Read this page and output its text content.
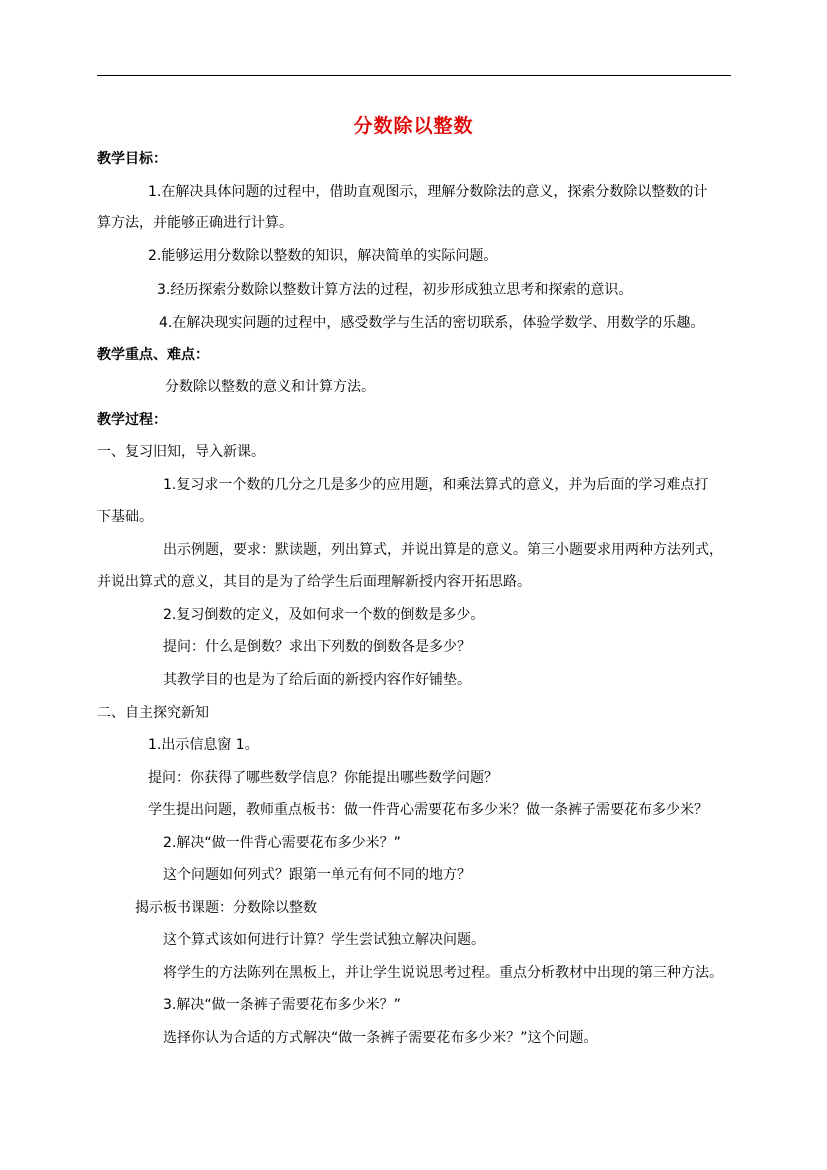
分数除以整数
教学目标：
1.在解决具体问题的过程中，借助直观图示，理解分数除法的意义，探索分数除以整数的计
算方法，并能够正确进行计算。
2.能够运用分数除以整数的知识，解决简单的实际问题。
3.经历探索分数除以整数计算方法的过程，初步形成独立思考和探索的意识。
4.在解决现实问题的过程中，感受数学与生活的密切联系，体验学数学、用数学的乐趣。
教学重点、难点：
分数除以整数的意义和计算方法。
教学过程：
一、复习旧知，导入新课。
1.复习求一个数的几分之几是多少的应用题，和乘法算式的意义，并为后面的学习难点打
下基础。
出示例题，要求：默读题，列出算式，并说出算是的意义。第三小题要求用两种方法列式，
并说出算式的意义，其目的是为了给学生后面理解新授内容开拓思路。
2.复习倒数的定义，及如何求一个数的倒数是多少。
提问：什么是倒数？求出下列数的倒数各是多少？
其教学目的也是为了给后面的新授内容作好铺垫。
二、自主探究新知
1.出示信息窗 1。
提问：你获得了哪些数学信息？你能提出哪些数学问题？
学生提出问题，教师重点板书：做一件背心需要花布多少米？做一条裤子需要花布多少米？
2.解决“做一件背心需要花布多少米？”
这个问题如何列式？跟第一单元有何不同的地方？
揭示板书课题：分数除以整数
这个算式该如何进行计算？学生尝试独立解决问题。
将学生的方法陈列在黑板上，并让学生说说思考过程。重点分析教材中出现的第三种方法。
3.解决“做一条裤子需要花布多少米？”
选择你认为合适的方式解决“做一条裤子需要花布多少米？”这个问题。
